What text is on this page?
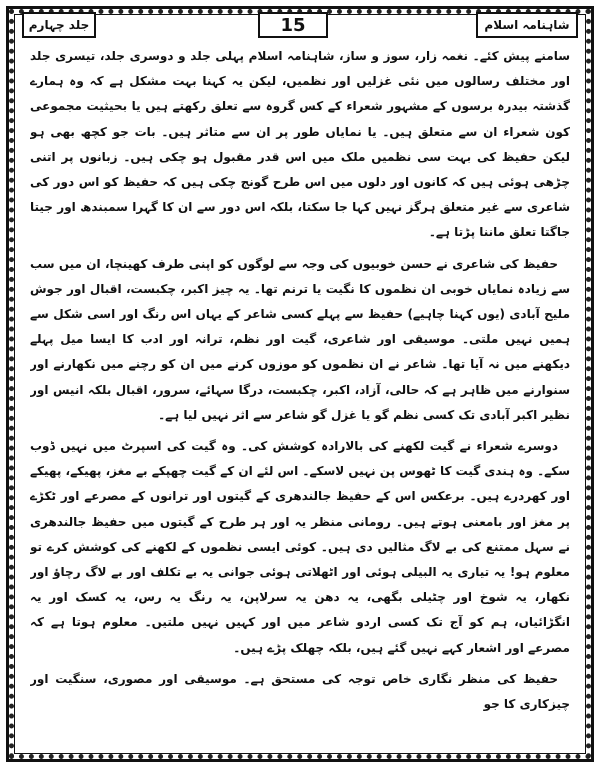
جلد چہارم	15	شاہنامہ اسلام

سامنے پیش کئے۔ نغمہ زار، سوز و ساز، شاہنامہ اسلام پہلی جلد و دوسری جلد، تیسری جلد اور مختلف رسالوں میں نئی غزلیں اور نظمیں، لیکن یہ کہنا بہت مشکل ہے کہ وہ ہمارے گذشتہ بیدرہ برسوں کے مشہور شعراء کے کس گروہ سے تعلق رکھتے ہیں یا بحیثیت مجموعی کون شعراء ان سے متعلق ہیں۔ یا نمایاں طور پر ان سے متاثر ہیں۔ بات جو کچھ بھی ہو لیکن حفیظ کی بہت سی نظمیں ملک میں اس قدر مقبول ہو چکی ہیں۔ زبانوں پر اتنی چڑھی ہوئی ہیں کہ کانوں اور دلوں میں اس طرح گونج چکی ہیں کہ حفیظ کو اس دور کی شاعری سے غیر متعلق ہرگز نہیں کہا جا سکتا، بلکہ اس دور سے ان کا گہرا سمبندھ اور جیتا جاگتا تعلق ماننا پڑتا ہے۔

حفیظ کی شاعری نے حسن خوبیوں کی وجہ سے لوگوں کو اپنی طرف کھینچا، ان میں سب سے زیادہ نمایاں خوبی ان نظموں کا نگیت یا ترنم تھا۔ یہ چیز اکبر، چکبست، اقبال اور جوش ملیح آبادی (یوں کہنا چاہیے) حفیظ سے پہلے کسی شاعر کے یہاں اس رنگ اور اسی شکل سے ہمیں نہیں ملتی۔ موسیقی اور شاعری، گیت اور نظم، ترانہ اور ادب کا ایسا میل پہلے دیکھنے میں نہ آیا تھا۔ شاعر نے ان نظموں کو موزوں کرنے میں ان کو رچنے میں نکھارنے اور سنوارنے میں ظاہر ہے کہ حالی، آزاد، اکبر، چکبست، درگا سہائے، سرور، اقبال بلکہ انیس اور نظیر اکبر آبادی تک کسی نظم گو یا غزل گو شاعر سے اثر نہیں لیا ہے۔

دوسرے شعراء نے گیت لکھنے کی بالارادہ کوشش کی۔ وہ گیت کی اسپرٹ میں نہیں ڈوب سکے۔ وہ ہندی گیت کا ٹھوس پن نہیں لاسکے۔ اس لئے ان کے گیت چھپکے بے مغز، پھیکے، پھیکے اور کھردرے ہیں۔ برعکس اس کے حفیظ جالندھری کے گیتوں اور ترانوں کے مصرعے اور ٹکڑے پر مغز اور بامعنی ہوتے ہیں۔ رومانی منظر یہ اور ہر طرح کے گیتوں میں حفیظ جالندھری نے سہل ممتنع کی بے لاگ مثالیں دی ہیں۔ کوئی ایسی نظموں کے لکھنے کی کوشش کرے تو معلوم ہو! یہ تیاری یہ البیلی ہوئی اور اٹھلاتی ہوئی جوانی یہ بے تکلف اور بے لاگ رچاؤ اور نکھار، یہ شوخ اور چٹیلی بگھی، یہ دھن یہ سرلاپن، یہ رنگ یہ رس، یہ کسک اور یہ انگڑائیاں، ہم کو آج تک کسی اردو شاعر میں اور کہیں نہیں ملتیں۔ معلوم ہوتا ہے کہ مصرعے اور اشعار کہے نہیں گئے ہیں، بلکہ چھلک پڑے ہیں۔

حفیظ کی منظر نگاری خاص توجہ کی مستحق ہے۔ موسیقی اور مصوری، سنگیت اور چیزکاری کا جو
